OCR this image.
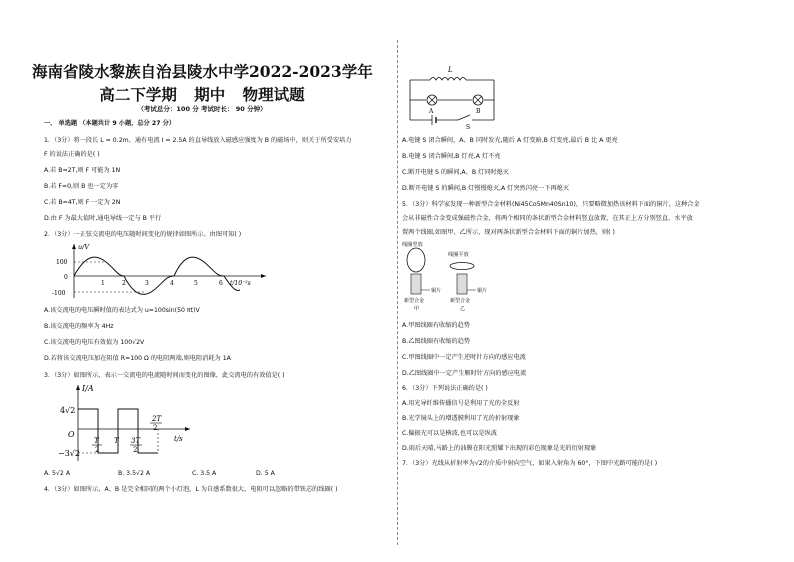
海南省陵水黎族自治县陵水中学2022-2023学年
高二下学期 期中 物理试题
（考试总分：100 分 考试时长： 90 分钟）
一、 单选题 （本题共计 9 小题，总分 27 分）
1．（3分）将一段长 L = 0.2m、通有电流 I = 2.5A 的直导线放入磁感应强度为 B 的磁场中，则关于所受安培力
F 的说法正确的是( )
A.若 B=2T,则 F 可能为 1N
B.若 F=0,则 B 也一定为零
C.若 B=4T,则 F 一定为 2N
D.由 F 为最大值时,通电导线一定与 B 平行
2．（3分）一正弦交流电的电压随时间变化的规律如图所示。由图可知( )
u/V
t/10⁻²s
100
0
-100
1	2	3	4	5	6
A.该交流电的电压瞬时值的表达式为 u=100sin(50 πt)V
B.该交流电的频率为 4Hz
C.该交流电的电压有效值为 100√2V
D.若将该交流电压加在阻值 R=100 Ω 的电阻两端,则电阻消耗为 1A
3．（3分）如图所示，表示一交流电的电流随时间而变化的图像，此交流电的有效值是( )
I/A
t/s
4√2
O
−3√2
T T 3T
2T
2	2
2
A. 5√2 A	B. 3.5√2 A	C. 3.5 A	D. 5 A
4．（3分）如图所示，A、B 是完全相同的两个小灯泡，L 为自感系数很大、电阻可以忽略的带铁芯的线圈( )
L
A	B
S
A.电键 S 闭合瞬间，A、B 同时发光,随后 A 灯变暗,B 灯变亮,最后 B 比 A 更亮
B.电键 S 闭合瞬间,B 灯亮,A 灯不亮
C.断开电键 S 的瞬间,A、B 灯同时熄灭
D.断开电键 S 的瞬间,B 灯慢慢熄灭,A 灯突然闪亮一下再熄灭
5．（3分）科学家发现一种新型合金材料(Ni45Co5Mn40Sn10)，只要略微加热该材料下面的铜片，这种合金
会从非磁性合金变成强磁性合金，将两个相同的条状新型合金材料竖直放置，在其正上方分别竖直、水平放
置两个线圈,如图甲、乙所示，现对两条状新型合金材料下面的铜片加热，则( )
线圈竖放
铜片
新型合金
甲
线圈平放
铜片
新型合金
乙
A.甲图线圈有收缩的趋势
B.乙图线圈有收缩的趋势
C.甲图线圈中一定产生逆时针方向的感应电流
D.乙图线圈中一定产生顺时针方向的感应电流
6．（3分）下列说法正确的是( )
A.用光导纤维传播信号是利用了光的全反射
B.光学镜头上的增透膜利用了光的折射现象
C.偏振光可以是横波,也可以是纵波
D.雨后天晴,马路上的油膜在阳光照耀下出现的彩色现象是光的衍射现象
7．（3分）光线从折射率为√2的介质中射向空气，如果入射角为 60°，下图中光路可能的是( )
